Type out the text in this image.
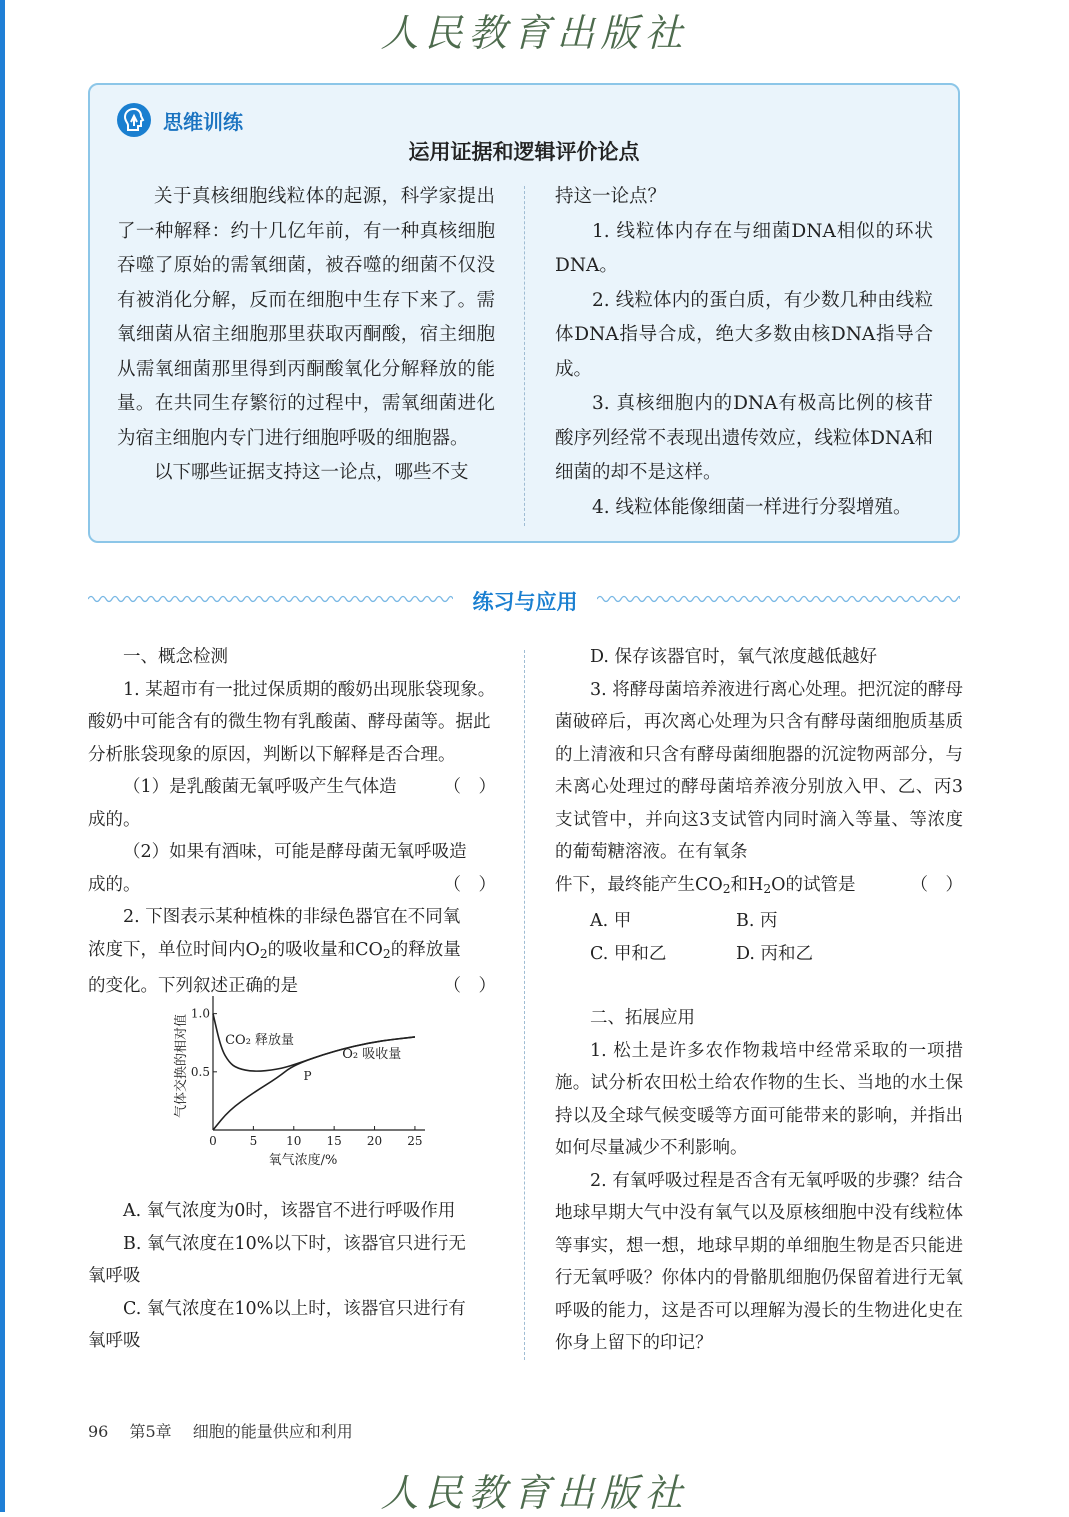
人民教育出版社
思维训练
运用证据和逻辑评价论点

关于真核细胞线粒体的起源，科学家提出了一种解释：约十几亿年前，有一种真核细胞吞噬了原始的需氧细菌，被吞噬的细菌不仅没有被消化分解，反而在细胞中生存下来了。需氧细菌从宿主细胞那里获取丙酮酸，宿主细胞从需氧细菌那里得到丙酮酸氧化分解释放的能量。在共同生存繁衍的过程中，需氧细菌进化为宿主细胞内专门进行细胞呼吸的细胞器。

以下哪些证据支持这一论点，哪些不支

持这一论点？

1. 线粒体内存在与细菌DNA相似的环状DNA。

2. 线粒体内的蛋白质，有少数几种由线粒体DNA指导合成，绝大多数由核DNA指导合成。

3. 真核细胞内的DNA有极高比例的核苷酸序列经常不表现出遗传效应，线粒体DNA和细菌的却不是这样。

4. 线粒体能像细菌一样进行分裂增殖。

练习与应用

一、概念检测

1. 某超市有一批过保质期的酸奶出现胀袋现象。酸奶中可能含有的微生物有乳酸菌、酵母菌等。据此分析胀袋现象的原因，判断以下解释是否合理。

（1）是乳酸菌无氧呼吸产生气体造成的。
（　）

（2）如果有酒味，可能是酵母菌无氧呼吸造

成的。	（　）

2. 下图表示某种植株的非绿色器官在不同氧

浓度下，单位时间内$O_2$的吸收量和$CO_2$的释放量

的变化。下列叙述正确的是	（　）

0	5 10 15 20 25
0.5
1.0
氧气浓度/%
气体交换的相对值	CO₂ 释放量
O₂ 吸收量
P

A. 氧气浓度为0时，该器官不进行呼吸作用

B. 氧气浓度在10%以下时，该器官只进行无

氧呼吸

C. 氧气浓度在10%以上时，该器官只进行有

氧呼吸

D. 保存该器官时，氧气浓度越低越好

3. 将酵母菌培养液进行离心处理。把沉淀的酵母菌破碎后，再次离心处理为只含有酵母菌细胞质基质的上清液和只含有酵母菌细胞器的沉淀物两部分，与未离心处理过的酵母菌培养液分别放入甲、乙、丙3支试管中，并向这3支试管内同时滴入等量、等浓度的葡萄糖溶液。在有氧条

件下，最终能产生$CO_2$和$H_2O$的试管是	（　）

A. 甲	B. 丙

C. 甲和乙	D. 丙和乙

二、拓展应用

1. 松土是许多农作物栽培中经常采取的一项措施。试分析农田松土给农作物的生长、当地的水土保持以及全球气候变暖等方面可能带来的影响，并指出如何尽量减少不利影响。

2. 有氧呼吸过程是否含有无氧呼吸的步骤？结合地球早期大气中没有氧气以及原核细胞中没有线粒体等事实，想一想，地球早期的单细胞生物是否只能进行无氧呼吸？你体内的骨骼肌细胞仍保留着进行无氧呼吸的能力，这是否可以理解为漫长的生物进化史在你身上留下的印记？

96 第5章 细胞的能量供应和利用
人民教育出版社
